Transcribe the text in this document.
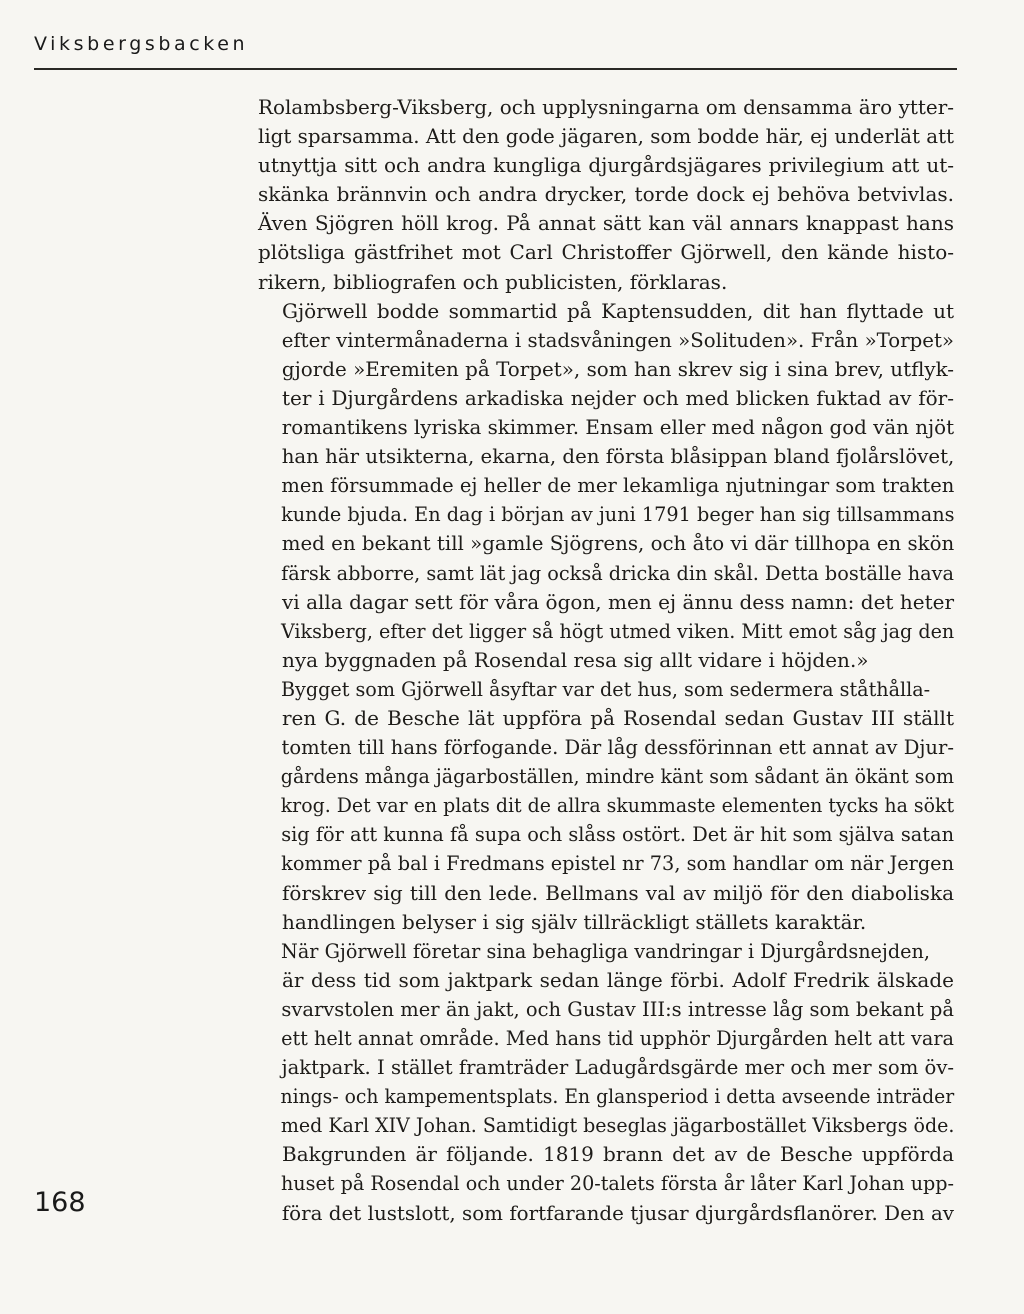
Viksbergsbacken

Rolambsberg-Viksberg, och upplysningarna om densamma äro ytter-
ligt sparsamma. Att den gode jägaren, som bodde här, ej underlät att
utnyttja sitt och andra kungliga djurgårdsjägares privilegium att ut-
skänka brännvin och andra drycker, torde dock ej behöva betvivlas.
Även Sjögren höll krog. På annat sätt kan väl annars knappast hans
plötsliga gästfrihet mot Carl Christoffer Gjörwell, den kände histo-
rikern, bibliografen och publicisten, förklaras.

Gjörwell bodde sommartid på Kaptensudden, dit han flyttade ut
efter vintermånaderna i stadsvåningen »Solituden». Från »Torpet»
gjorde »Eremiten på Torpet», som han skrev sig i sina brev, utflyk-
ter i Djurgårdens arkadiska nejder och med blicken fuktad av för-
romantikens lyriska skimmer. Ensam eller med någon god vän njöt
han här utsikterna, ekarna, den första blåsippan bland fjolårslövet,
men försummade ej heller de mer lekamliga njutningar som trakten
kunde bjuda. En dag i början av juni 1791 beger han sig tillsammans
med en bekant till »gamle Sjögrens, och åto vi där tillhopa en skön
färsk abborre, samt lät jag också dricka din skål. Detta boställe hava
vi alla dagar sett för våra ögon, men ej ännu dess namn: det heter
Viksberg, efter det ligger så högt utmed viken. Mitt emot såg jag den
nya byggnaden på Rosendal resa sig allt vidare i höjden.»

Bygget som Gjörwell åsyftar var det hus, som sedermera ståthålla-
ren G. de Besche lät uppföra på Rosendal sedan Gustav III ställt
tomten till hans förfogande. Där låg dessförinnan ett annat av Djur-
gårdens många jägarboställen, mindre känt som sådant än ökänt som
krog. Det var en plats dit de allra skummaste elementen tycks ha sökt
sig för att kunna få supa och slåss ostört. Det är hit som själva satan
kommer på bal i Fredmans epistel nr 73, som handlar om när Jergen
förskrev sig till den lede. Bellmans val av miljö för den diaboliska
handlingen belyser i sig själv tillräckligt ställets karaktär.

När Gjörwell företar sina behagliga vandringar i Djurgårdsnejden,
är dess tid som jaktpark sedan länge förbi. Adolf Fredrik älskade
svarvstolen mer än jakt, och Gustav III:s intresse låg som bekant på
ett helt annat område. Med hans tid upphör Djurgården helt att vara
jaktpark. I stället framträder Ladugårdsgärde mer och mer som öv-
nings- och kampementsplats. En glansperiod i detta avseende inträder
med Karl XIV Johan. Samtidigt beseglas jägarbostället Viksbergs öde.

Bakgrunden är följande. 1819 brann det av de Besche uppförda
huset på Rosendal och under 20-talets första år låter Karl Johan upp-
föra det lustslott, som fortfarande tjusar djurgårdsflanörer. Den av

168
